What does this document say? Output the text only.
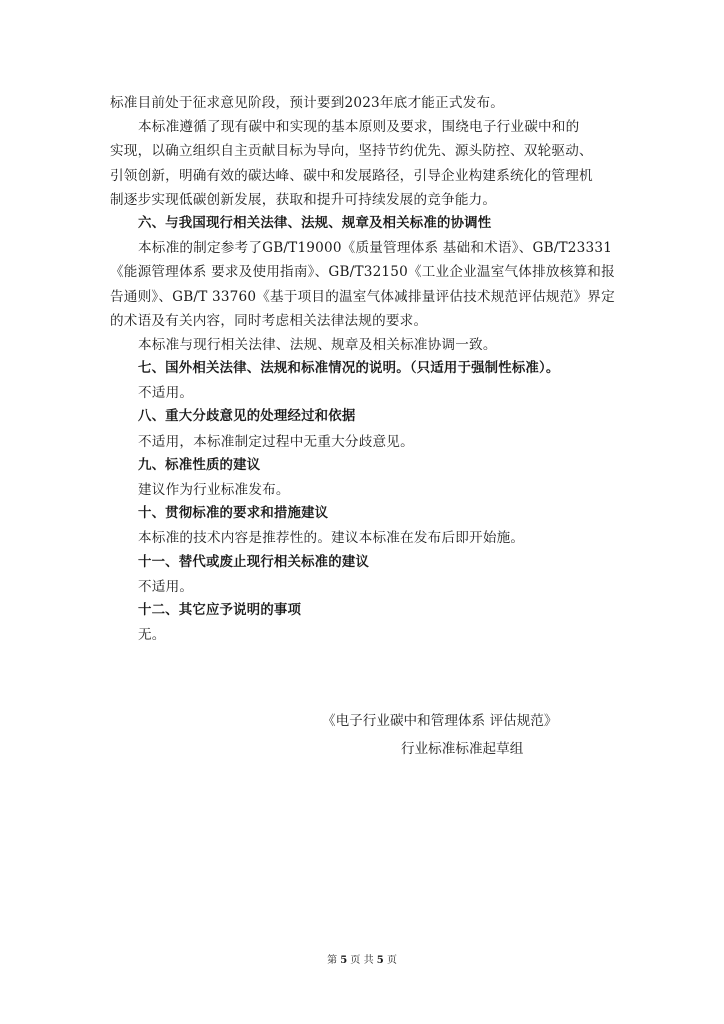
标准目前处于征求意见阶段，预计要到2023年底才能正式发布。
本标准遵循了现有碳中和实现的基本原则及要求，围绕电子行业碳中和的
实现，以确立组织自主贡献目标为导向，坚持节约优先、源头防控、双轮驱动、
引领创新，明确有效的碳达峰、碳中和发展路径，引导企业构建系统化的管理机
制逐步实现低碳创新发展，获取和提升可持续发展的竞争能力。
六、与我国现行相关法律、法规、规章及相关标准的协调性
本标准的制定参考了GB/T19000《质量管理体系 基础和术语》、GB/T23331
《能源管理体系 要求及使用指南》、GB/T32150《工业企业温室气体排放核算和报
告通则》、GB/T 33760《基于项目的温室气体减排量评估技术规范评估规范》界定
的术语及有关内容，同时考虑相关法律法规的要求。
本标准与现行相关法律、法规、规章及相关标准协调一致。
七、国外相关法律、法规和标准情况的说明。（只适用于强制性标准）。
不适用。
八、重大分歧意见的处理经过和依据
不适用，本标准制定过程中无重大分歧意见。
九、标准性质的建议
建议作为行业标准发布。
十、贯彻标准的要求和措施建议
本标准的技术内容是推荐性的。建议本标准在发布后即开始施。
十一、替代或废止现行相关标准的建议
不适用。
十二、其它应予说明的事项
无。
《电子行业碳中和管理体系 评估规范》
行业标准标准起草组
第 5 页 共 5 页
